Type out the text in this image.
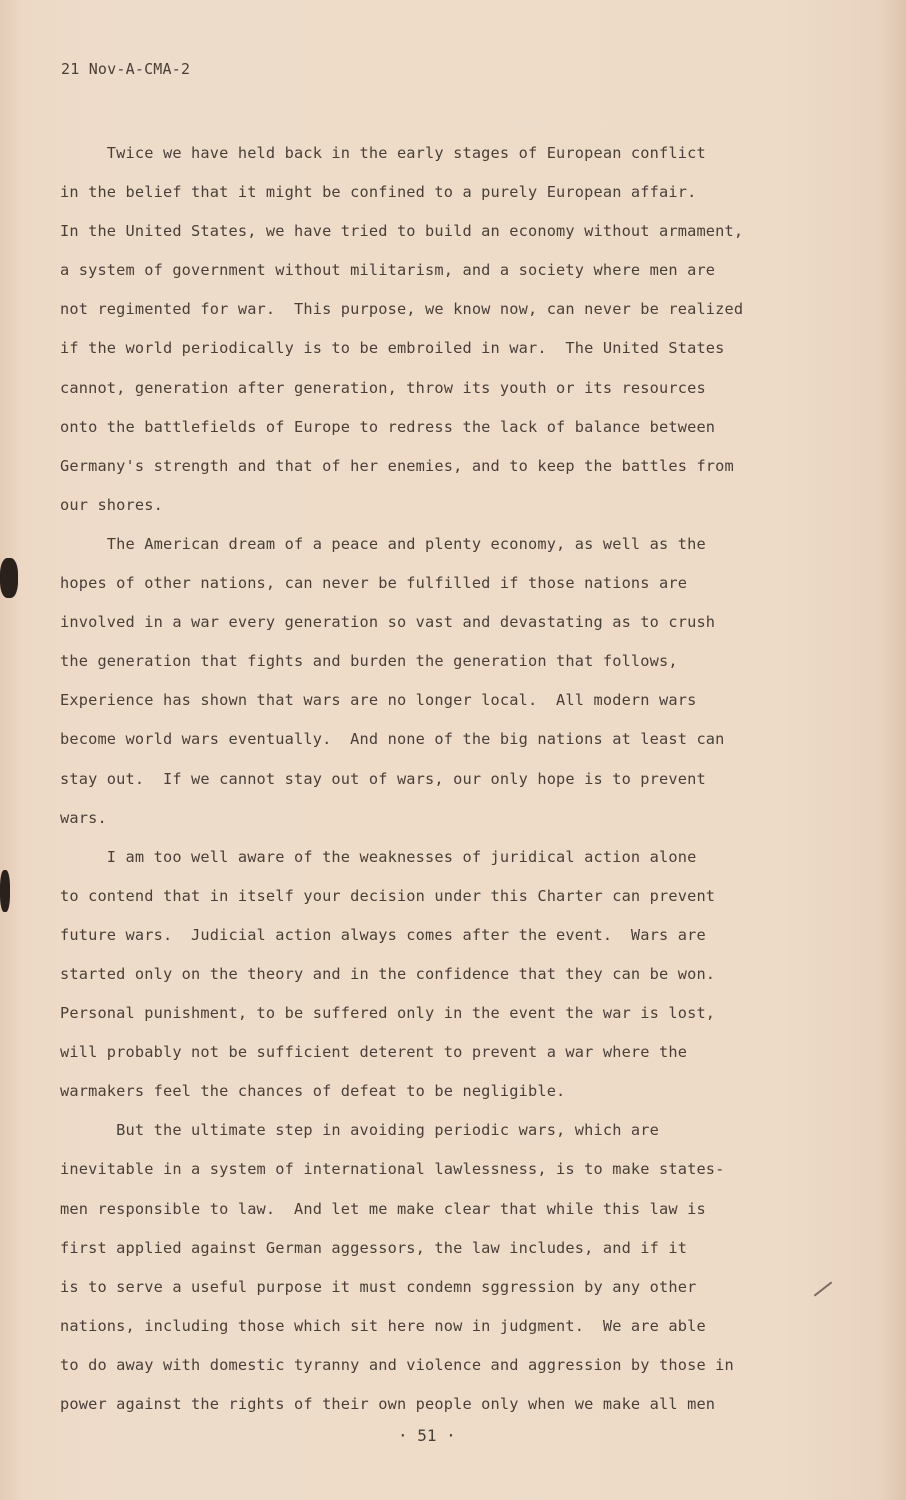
21 Nov-A-CMA-2
Twice we have held back in the early stages of European conflict
in the belief that it might be confined to a purely European affair.
In the United States, we have tried to build an economy without armament,
a system of government without militarism, and a society where men are
not regimented for war.  This purpose, we know now, can never be realized
if the world periodically is to be embroiled in war.  The United States
cannot, generation after generation, throw its youth or its resources
onto the battlefields of Europe to redress the lack of balance between
Germany's strength and that of her enemies, and to keep the battles from
our shores.
The American dream of a peace and plenty economy, as well as the
hopes of other nations, can never be fulfilled if those nations are
involved in a war every generation so vast and devastating as to crush
the generation that fights and burden the generation that follows,
Experience has shown that wars are no longer local.  All modern wars
become world wars eventually.  And none of the big nations at least can
stay out.  If we cannot stay out of wars, our only hope is to prevent
wars.
I am too well aware of the weaknesses of juridical action alone
to contend that in itself your decision under this Charter can prevent
future wars.  Judicial action always comes after the event.  Wars are
started only on the theory and in the confidence that they can be won.
Personal punishment, to be suffered only in the event the war is lost,
will probably not be sufficient deterent to prevent a war where the
warmakers feel the chances of defeat to be negligible.
But the ultimate step in avoiding periodic wars, which are
inevitable in a system of international lawlessness, is to make states-
men responsible to law.  And let me make clear that while this law is
first applied against German aggessors, the law includes, and if it
is to serve a useful purpose it must condemn sggression by any other
nations, including those which sit here now in judgment.  We are able
to do away with domestic tyranny and violence and aggression by those in
power against the rights of their own people only when we make all men
· 51 ·
